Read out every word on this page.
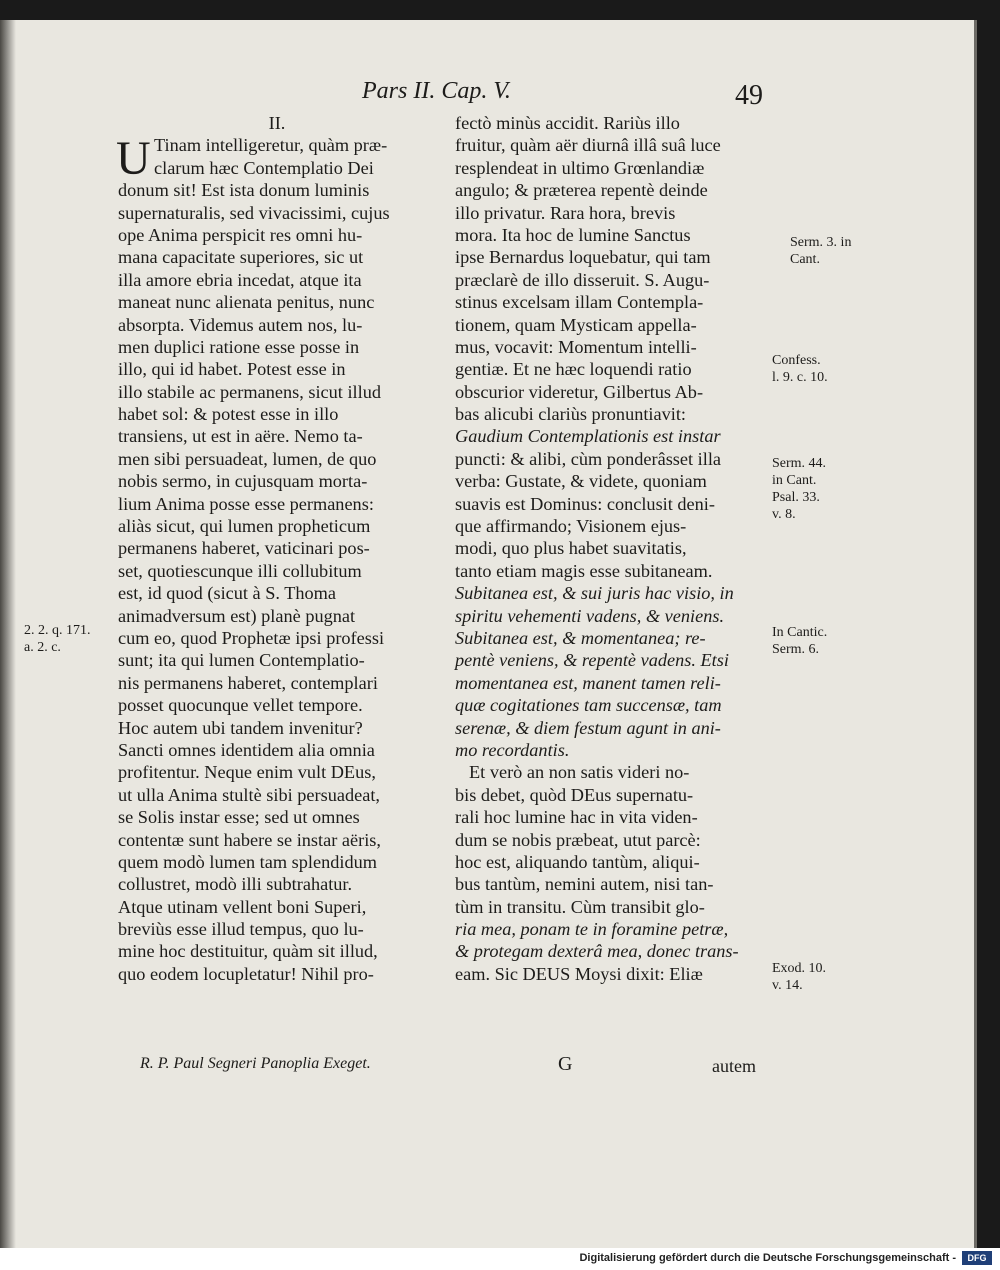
Pars II. Cap. V.	49
U
II.
Tinam intelligeretur, quàm præ-
clarum hæc Contemplatio Dei
donum sit! Est ista donum luminis
supernaturalis, sed vivacissimi, cujus
ope Anima perspicit res omni hu-
mana capacitate superiores, sic ut
illa amore ebria incedat, atque ita
maneat nunc alienata penitus, nunc
absorpta. Videmus autem nos, lu-
men duplici ratione esse posse in
illo, qui id habet. Potest esse in
illo stabile ac permanens, sicut illud
habet sol: & potest esse in illo
transiens, ut est in aëre. Nemo ta-
men sibi persuadeat, lumen, de quo
nobis sermo, in cujusquam morta-
lium Anima posse esse permanens:
aliàs sicut, qui lumen propheticum
permanens haberet, vaticinari pos-
set, quotiescunque illi collubitum
est, id quod (sicut à S. Thoma
animadversum est) planè pugnat
cum eo, quod Prophetæ ipsi professi
sunt; ita qui lumen Contemplatio-
nis permanens haberet, contemplari
posset quocunque vellet tempore.
Hoc autem ubi tandem invenitur?
Sancti omnes identidem alia omnia
profitentur. Neque enim vult DEus,
ut ulla Anima stultè sibi persuadeat,
se Solis instar esse; sed ut omnes
contentæ sunt habere se instar aëris,
quem modò lumen tam splendidum
collustret, modò illi subtrahatur.
Atque utinam vellent boni Superi,
breviùs esse illud tempus, quo lu-
mine hoc destituitur, quàm sit illud,
quo eodem locupletatur! Nihil pro-
fectò minùs accidit. Rariùs illo
fruitur, quàm aër diurnâ illâ suâ luce
resplendeat in ultimo Grœnlandiæ
angulo; & præterea repentè deinde
illo privatur. Rara hora, brevis
mora. Ita hoc de lumine Sanctus
ipse Bernardus loquebatur, qui tam
præclarè de illo disseruit. S. Augu-
stinus excelsam illam Contempla-
tionem, quam Mysticam appella-
mus, vocavit: Momentum intelli-
gentiæ. Et ne hæc loquendi ratio
obscurior videretur, Gilbertus Ab-
bas alicubi clariùs pronuntiavit:
Gaudium Contemplationis est instar
puncti: & alibi, cùm ponderâsset illa
verba: Gustate, & videte, quoniam
suavis est Dominus: conclusit deni-
que affirmando; Visionem ejus-
modi, quo plus habet suavitatis,
tanto etiam magis esse subitaneam.
Subitanea est, & sui juris hac visio, in
spiritu vehementi vadens, & veniens.
Subitanea est, & momentanea; re-
pentè veniens, & repentè vadens. Etsi
momentanea est, manent tamen reli-
quæ cogitationes tam succensæ, tam
serenæ, & diem festum agunt in ani-
mo recordantis.
Et verò an non satis videri no-
bis debet, quòd DEus supernatu-
rali hoc lumine hac in vita viden-
dum se nobis præbeat, utut parcè:
hoc est, aliquando tantùm, aliqui-
bus tantùm, nemini autem, nisi tan-
tùm in transitu. Cùm transibit glo-
ria mea, ponam te in foramine petræ,
& protegam dexterâ mea, donec trans-
eam. Sic DEUS Moysi dixit: Eliæ
2. 2. q. 171.
a. 2. c.
Serm. 3. in
Cant.
Confess.
l. 9. c. 10.
Serm. 44.
in Cant.
Psal. 33.
v. 8.
In Cantic.
Serm. 6.
Exod. 10.
v. 14.
R. P. Paul Segneri Panoplia Exeget.	G	autem
Digitalisierung gefördert durch die Deutsche Forschungsgemeinschaft -	DFG
